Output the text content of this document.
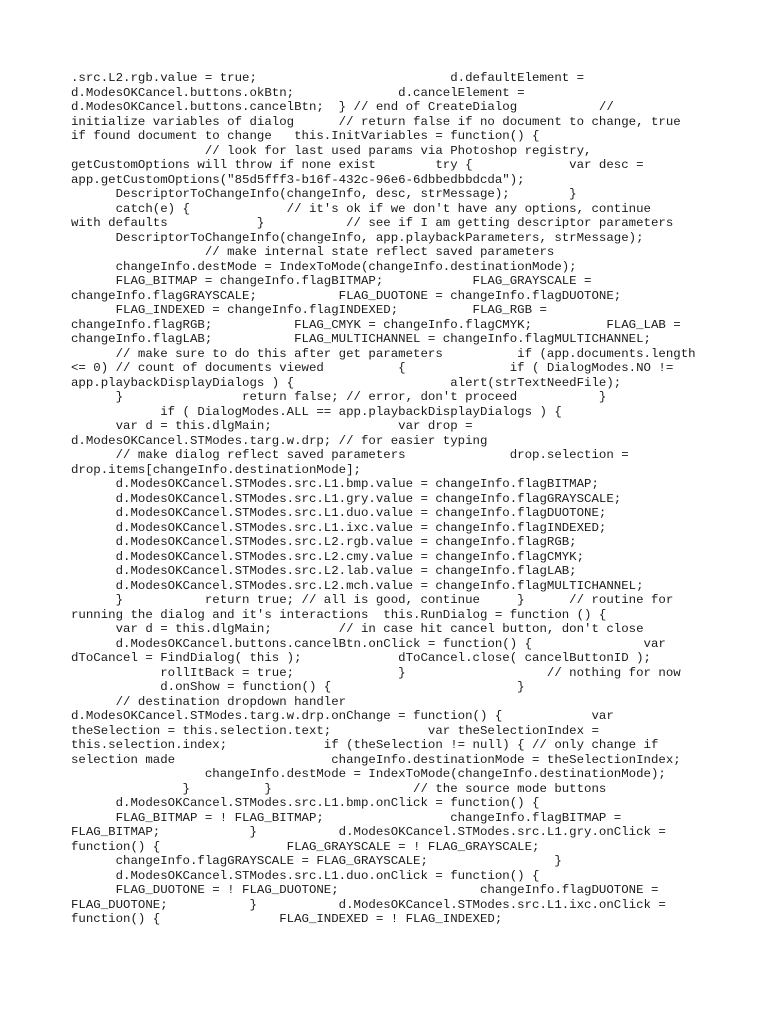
.src.L2.rgb.value = true;                          d.defaultElement =
d.ModesOKCancel.buttons.okBtn;              d.cancelElement =
d.ModesOKCancel.buttons.cancelBtn;  } // end of CreateDialog           //
initialize variables of dialog      // return false if no document to change, true
if found document to change   this.InitVariables = function() {
// look for last used params via Photoshop registry,
getCustomOptions will throw if none exist        try {             var desc =
app.getCustomOptions("85d5fff3-b16f-432c-96e6-6dbbedbbdcda");
DescriptorToChangeInfo(changeInfo, desc, strMessage);        }
catch(e) {             // it's ok if we don't have any options, continue
with defaults            }           // see if I am getting descriptor parameters
DescriptorToChangeInfo(changeInfo, app.playbackParameters, strMessage);
// make internal state reflect saved parameters
changeInfo.destMode = IndexToMode(changeInfo.destinationMode);
FLAG_BITMAP = changeInfo.flagBITMAP;            FLAG_GRAYSCALE =
changeInfo.flagGRAYSCALE;           FLAG_DUOTONE = changeInfo.flagDUOTONE;
FLAG_INDEXED = changeInfo.flagINDEXED;          FLAG_RGB =
changeInfo.flagRGB;           FLAG_CMYK = changeInfo.flagCMYK;          FLAG_LAB =
changeInfo.flagLAB;           FLAG_MULTICHANNEL = changeInfo.flagMULTICHANNEL;
// make sure to do this after get parameters          if (app.documents.length
<= 0) // count of documents viewed          {              if ( DialogModes.NO !=
app.playbackDisplayDialogs ) {                     alert(strTextNeedFile);
}                return false; // error, don't proceed           }
if ( DialogModes.ALL == app.playbackDisplayDialogs ) {
var d = this.dlgMain;                 var drop =
d.ModesOKCancel.STModes.targ.w.drp; // for easier typing
// make dialog reflect saved parameters              drop.selection =
drop.items[changeInfo.destinationMode];
d.ModesOKCancel.STModes.src.L1.bmp.value = changeInfo.flagBITMAP;
d.ModesOKCancel.STModes.src.L1.gry.value = changeInfo.flagGRAYSCALE;
d.ModesOKCancel.STModes.src.L1.duo.value = changeInfo.flagDUOTONE;
d.ModesOKCancel.STModes.src.L1.ixc.value = changeInfo.flagINDEXED;
d.ModesOKCancel.STModes.src.L2.rgb.value = changeInfo.flagRGB;
d.ModesOKCancel.STModes.src.L2.cmy.value = changeInfo.flagCMYK;
d.ModesOKCancel.STModes.src.L2.lab.value = changeInfo.flagLAB;
d.ModesOKCancel.STModes.src.L2.mch.value = changeInfo.flagMULTICHANNEL;
}           return true; // all is good, continue     }      // routine for
running the dialog and it's interactions  this.RunDialog = function () {
var d = this.dlgMain;         // in case hit cancel button, don't close
d.ModesOKCancel.buttons.cancelBtn.onClick = function() {               var
dToCancel = FindDialog( this );             dToCancel.close( cancelButtonID );
rollItBack = true;              }                   // nothing for now
d.onShow = function() {                         }
// destination dropdown handler
d.ModesOKCancel.STModes.targ.w.drp.onChange = function() {            var
theSelection = this.selection.text;             var theSelectionIndex =
this.selection.index;             if (theSelection != null) { // only change if
selection made                     changeInfo.destinationMode = theSelectionIndex;
changeInfo.destMode = IndexToMode(changeInfo.destinationMode);
}          }                   // the source mode buttons
d.ModesOKCancel.STModes.src.L1.bmp.onClick = function() {
FLAG_BITMAP = ! FLAG_BITMAP;                 changeInfo.flagBITMAP =
FLAG_BITMAP;            }           d.ModesOKCancel.STModes.src.L1.gry.onClick =
function() {                 FLAG_GRAYSCALE = ! FLAG_GRAYSCALE;
changeInfo.flagGRAYSCALE = FLAG_GRAYSCALE;                 }
d.ModesOKCancel.STModes.src.L1.duo.onClick = function() {
FLAG_DUOTONE = ! FLAG_DUOTONE;                   changeInfo.flagDUOTONE =
FLAG_DUOTONE;           }           d.ModesOKCancel.STModes.src.L1.ixc.onClick =
function() {                FLAG_INDEXED = ! FLAG_INDEXED;
